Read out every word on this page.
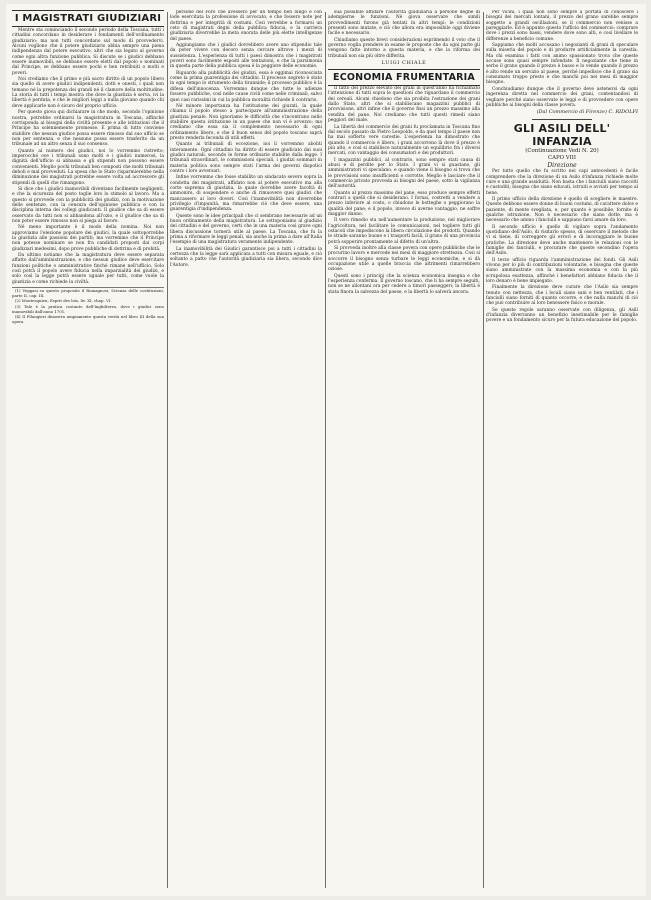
I MAGISTRATI GIUDIZIARI

Mentre sta cominciando il secondo periodo della Toscana, tutti i cittadini concordano in desiderare i fondamenti dell'ordinamento giudiziario; ma non tutti concordano sul modo di provvedervi. Alcuni vogliono che il potere giudiziario abbia sempre una piena indipendenza dal potere esecutivo, altri che sia legato al governo come ogni altra funzione pubblica. Si discute se i giudici debbano essere inamovibili, se debbano essere eletti dal popolo o nominati dal Principe, se debbano essere pochi e ben retribuiti o molti e poveri.

Noi crediamo che il primo e più sacro diritto di un popolo libero sia quello di avere giudici indipendenti, dotti e onesti, i quali non temano né la prepotenza dei grandi né il clamore della moltitudine. La storia di tutti i tempi mostra che dove la giustizia è serva, ivi la libertà è perduta, e che le migliori leggi a nulla giovano quando chi deve applicarle non è sicuro del proprio ufficio.

Per questo giova qui dichiarare in che modo, secondo l'opinione nostra, potrebbe ordinarsi la magistratura in Toscana, affinché corrisponda ai bisogni della civiltà presente e alle istituzioni che il Principe ha solennemente promesse. E prima di tutto conviene stabilire che nessun giudice possa essere rimosso dal suo ufficio se non per sentenza, e che nessuno possa essere trasferito da un tribunale ad un altro senza il suo consenso.

Quanto al numero dei giudici, noi lo vorremmo ristretto; imperocché ove i tribunali sono molti e i giudici numerosi, la dignità dell'ufficio si abbassa e gli stipendi non possono essere convenienti. Meglio pochi tribunali ben composti che molti tribunali deboli e mal provveduti. La spesa che lo Stato risparmierebbe nella diminuzione dei magistrati potrebbe essere volta ad accrescere gli stipendi di quelli che rimangono.

Si dice che i giudici inamovibili diventano facilmente negligenti, e che la sicurezza del posto toglie loro lo stimolo al lavoro. Ma a questo si provvede con la pubblicità dei giudizi, con la motivazione delle sentenze, con la censura dell'opinione pubblica e con la disciplina interna dei collegi giudicanti. Il giudice che sa di essere osservato da tutti non si abbandona all'ozio, e il giudice che sa di non poter essere rimosso non si piega al favore.

Né meno importante è il modo della nomina. Noi non approviamo l'elezione popolare dei giudici, la quale sottoporrebbe la giustizia alle passioni dei partiti; ma vorremmo che il Principe non potesse nominare se non fra candidati proposti dai corpi giudiziari medesimi, dopo prove pubbliche di dottrina e di probità.

Da ultimo notiamo che la magistratura deve essere separata affatto dall'amministrazione, e che nessun giudice deve esercitare funzioni politiche o amministrative finché rimane nell'ufficio. Solo così potrà il popolo avere fiducia nella imparzialità dei giudizi, e solo così la legge potrà essere uguale per tutti, come vuole la giustizia e come richiede la civiltà.

(1) Veggasi su questo proposito il Romagnosi, Scienza delle costituzioni, parte II, cap. III.

(2) Montesquieu, Esprit des lois, liv. XI, chap. VI.

(3) Tale è la pratica costante dell'Inghilterra, dove i giudici sono inamovibili dall'anno 1701.

(4) Il Filangieri dimostra ampiamente questa verità nel libro III della sua opera.

persone del Foro che avessero per un tempo ben lungo e con lode esercitata la professione di avvocato, e che fossero note per dottrina e per integrità di costumi. Così verrebbe a formarsi un ceto di magistrati degni della pubblica fiducia, e la carriera giudiziaria diverrebbe la meta onorata delle più elette intelligenze del paese.

Aggiungiamo che i giudici dovrebbero avere uno stipendio tale da poter vivere con decoro senza cercare altrove i mezzi di sussistenza. L'esperienza di tutti i paesi dimostra che i magistrati poveri sono facilmente esposti alle tentazioni, e che la parsimonia in questa parte della pubblica spesa è la peggiore delle economie.

Riguardo alla pubblicità dei giudizi, essa è oggimai riconosciuta come la prima guarentigia dei cittadini. Il processo segreto è stato in ogni tempo lo strumento della tirannide; il processo pubblico è la difesa dell'innocenza. Vorremmo dunque che tutte le udienze fossero pubbliche, così nelle cause civili come nelle criminali, salvo quei casi rarissimi in cui la pubblica moralità richiede il contrario.

Né minore importanza ha l'istituzione dei giurati, la quale chiama il popolo stesso a partecipare all'amministrazione della giustizia penale. Non ignoriamo le difficoltà che s'incontrano nello stabilire questa istituzione in un paese che non vi è avvezzo; ma crediamo che essa sia il complemento necessario di ogni ordinamento libero, e che il buon senso del popolo toscano saprà presto renderla feconda di utili effetti.

Quanto ai tribunali di eccezione, noi li vorremmo aboliti interamente. Ogni cittadino ha diritto di essere giudicato dai suoi giudici naturali, secondo le forme ordinarie stabilite dalla legge. I tribunali straordinari, le commissioni speciali, i giudizi sommari in materia politica sono sempre stati l'arma dei governi dispotici contro i loro avversari.

Infine vorremmo che fosse stabilito un sindacato severo sopra la condotta dei magistrati, affidato non al potere esecutivo ma alla corte suprema di giustizia, la quale dovrebbe avere facoltà di ammonire, di sospendere e anche di rimuovere quei giudici che mancassero ai loro doveri. Così l'inamovibilità non diverrebbe privilegio d'impunità, ma rimarrebbe ciò che deve essere, una guarentigia d'indipendenza.

Queste sono le idee principali che ci sembrano necessarie ad un buon ordinamento della magistratura. Le sottoponiamo al giudizio dei cittadini e del governo, certi che in una materia così grave ogni libera discussione tornerà utile al paese. La Toscana, che fu la prima a riformare le leggi penali, sia anche la prima a dare all'Italia l'esempio di una magistratura veramente indipendente.

La inamovibilità dei Giudici garantisce poi a tutti i cittadini la certezza che la legge sarà applicata a tutti con misura eguale, e ciò soltanto a patto che l'autorità giudiziaria sia libera, secondo dice l'Autore.

sua possibile affidare l'autorità giudiziaria a persone degne di adempierne le funzioni. Nè giova osservare che simili provvedimenti furono già tentati in altri tempi: le condizioni presenti sono mutate, e ciò che allora era impossibile oggi diviene facile e necessario.

Chiudiamo queste brevi considerazioni esprimendo il voto che il governo voglia prendere in esame le proposte che da ogni parte gli vengono fatte intorno a questa materia, e che la riforma dei tribunali non sia più oltre differita.

LUIGI CHIALE
ECONOMIA FRUMENTARIA

Il fatto del prezzo elevato dei grani in quest'anno ha richiamato l'attenzione di tutti sopra le questioni che riguardano il commercio dei cereali. Alcuni chiedono che sia proibita l'estrazione dei grani dallo Stato, altri che si stabiliscano magazzini pubblici di provvisione, altri infine che il governo fissi un prezzo massimo alla vendita del pane. Noi crediamo che tutti questi rimedi siano peggiori del male.

La libertà del commercio dei grani fu proclamata in Toscana fino dal secolo passato da Pietro Leopoldo, e da quel tempo il paese non ha mai sofferto vere carestie. L'esperienza ha dimostrato che quando il commercio è libero, i grani accorrono là dove il prezzo è più alto, e così si stabilisce naturalmente un equilibrio fra i diversi mercati, con vantaggio dei consumatori e dei produttori.

I magazzini pubblici, al contrario, sono sempre stati causa di abusi e di perdite per lo Stato. I grani vi si guastano, gli amministratori vi speculano, e quando viene il bisogno si trova che le provvisioni sono insufficienti o corrotte. Meglio è lasciare che il commercio privato provveda ai bisogni del paese, sotto la vigilanza dell'autorità.

Quanto al prezzo massimo del pane, esso produce sempre effetti contrari a quelli che si desiderano. I fornai, costretti a vendere a prezzo inferiore al costo, o chiudono le botteghe o peggiorano la qualità del pane; e il popolo, invece di averne vantaggio, ne soffre maggior danno.

Il vero rimedio sta nell'aumentare la produzione, nel migliorare l'agricoltura, nel facilitare le comunicazioni, nel togliere tutti gli ostacoli che impediscono la libera circolazione dei prodotti. Quando le strade saranno buone e i trasporti facili, il grano di una provincia potrà sopperire prontamente al difetto di un'altra.

Si provveda inoltre alla classe povera con opere pubbliche che le procurino lavoro e mercede nei mesi di maggiore strettezza. Così si soccorre il bisogno senza turbare le leggi economiche, e si dà occupazione utile a quelle braccia che altrimenti rimarrebbero oziose.

Questi sono i principj che la scienza economica insegna e che l'esperienza conferma. Il governo toscano, che li ha sempre seguiti, non se ne allontani ora per cedere a timori passeggeri; la libertà è stata finora la salvezza del paese, e la libertà lo salverà ancora.

Per vicini, i quali non sono sempre a portata di conoscere i bisogni dei mercati lontani, il prezzo del grano sarebbe sempre soggetto a grandi oscillazioni, se il commercio non venisse a pareggiarle. Ed è appunto questo l'ufficio del commercio: comprare dove i prezzi sono bassi, vendere dove sono alti, e così livellare le differenze a beneficio comune.

Sappiamo che molti accusano i negozianti di grani di speculare sulla miseria del popolo e di produrre artificialmente la carestia. Ma chi esamina i fatti con animo spassionato trova che queste accuse sono quasi sempre infondate. Il negoziante che tiene in serbo il grano quando il prezzo è basso e lo vende quando il prezzo è alto rende un servizio al paese, perché impedisce che il grano sia consumato troppo presto e che manchi poi nei mesi di maggior bisogno.

Conchiudiamo dunque che il governo deve astenersi da ogni ingerenza diretta nel commercio dei grani, contentandosi di vegliare perché siano osservate le leggi e di provvedere con opere pubbliche ai bisogni della classe povera.

(Dal Commercio di Firenze) C. RIDOLFI
GLI ASILI DELL' INFANZIA
(Continuazione Vedi N. 20)
CAPO VIII
Direzione

Per tutto quello che fu scritto nei capi antecedenti è facile comprendere che la direzione di un Asilo d'infanzia richiede molte cure e una grande assiduità. Non basta che i fanciulli siano raccolti e custoditi; bisogna che siano educati, istruiti e avviati per tempo al bene.

Il primo ufficio della direzione è quello di scegliere le maestre. Queste debbono essere donne di buoni costumi, di carattere dolce e paziente, di mente svegliata, e, per quanto è possibile, fornite di qualche istruzione. Non è necessario che siano dotte, ma è necessario che amino i fanciulli e sappiano farsi amare da loro.

Il secondo ufficio è quello di vigilare sopra l'andamento quotidiano dell'Asilo, di visitarlo spesso, di osservare il metodo che vi si tiene, di correggere gli errori e di incoraggiare le buone pratiche. La direzione deve anche mantenere le relazioni con le famiglie dei fanciulli, e procurare che queste secondino l'opera dell'Asilo.

Il terzo ufficio riguarda l'amministrazione dei fondi. Gli Asili vivono per lo più di contribuzioni volontarie, e bisogna che queste siano amministrate con la massima economia e con la più scrupolosa esattezza, affinché i benefattori abbiano fiducia che il loro denaro è bene impiegato.

Finalmente la direzione deve curare che l'Asilo sia sempre tenuto con nettezza, che i locali siano sani e ben ventilati, che i fanciulli siano forniti di quanto occorre, e che nulla manchi di ciò che può contribuire al loro benessere fisico e morale.

Se queste regole saranno osservate con diligenza, gli Asili d'infanzia diverranno un benefizio inestimabile per le famiglie povere e un fondamento sicuro per la futura educazione del popolo.
